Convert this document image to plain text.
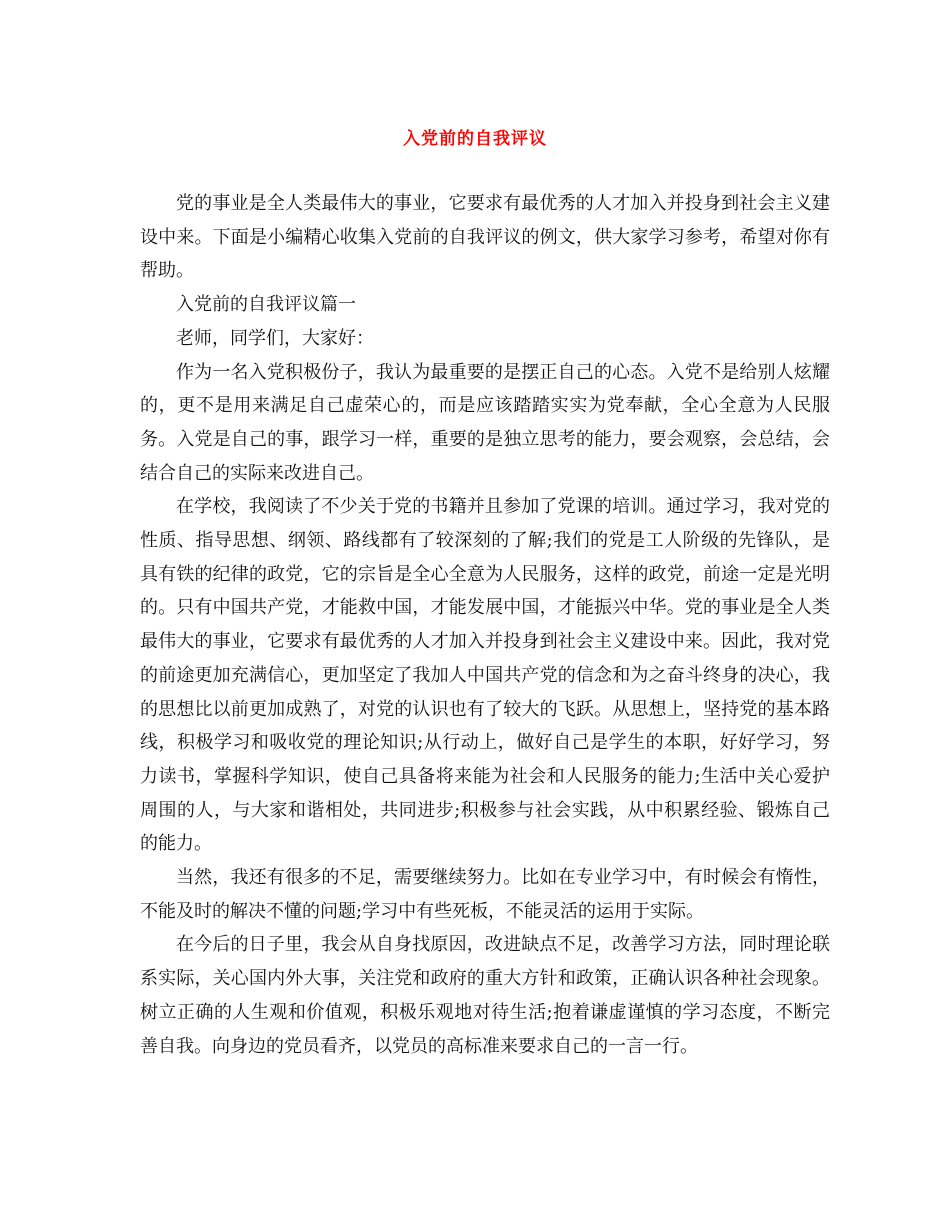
入党前的自我评议

党的事业是全人类最伟大的事业，它要求有最优秀的人才加入并投身到社会主义建设中来。下面是小编精心收集入党前的自我评议的例文，供大家学习参考，希望对你有帮助。

入党前的自我评议篇一

老师，同学们，大家好：

作为一名入党积极份子，我认为最重要的是摆正自己的心态。入党不是给别人炫耀的，更不是用来满足自己虚荣心的，而是应该踏踏实实为党奉献，全心全意为人民服务。入党是自己的事，跟学习一样，重要的是独立思考的能力，要会观察，会总结，会结合自己的实际来改进自己。

在学校，我阅读了不少关于党的书籍并且参加了党课的培训。通过学习，我对党的性质、指导思想、纲领、路线都有了较深刻的了解;我们的党是工人阶级的先锋队，是具有铁的纪律的政党，它的宗旨是全心全意为人民服务，这样的政党，前途一定是光明的。只有中国共产党，才能救中国，才能发展中国，才能振兴中华。党的事业是全人类最伟大的事业，它要求有最优秀的人才加入并投身到社会主义建设中来。因此，我对党的前途更加充满信心，更加坚定了我加人中国共产党的信念和为之奋斗终身的决心，我的思想比以前更加成熟了，对党的认识也有了较大的飞跃。从思想上，坚持党的基本路线，积极学习和吸收党的理论知识;从行动上，做好自己是学生的本职，好好学习，努力读书，掌握科学知识，使自己具备将来能为社会和人民服务的能力;生活中关心爱护周围的人，与大家和谐相处，共同进步;积极参与社会实践，从中积累经验、锻炼自己的能力。

当然，我还有很多的不足，需要继续努力。比如在专业学习中，有时候会有惰性，不能及时的解决不懂的问题;学习中有些死板，不能灵活的运用于实际。

在今后的日子里，我会从自身找原因，改进缺点不足，改善学习方法，同时理论联系实际，关心国内外大事，关注党和政府的重大方针和政策，正确认识各种社会现象。树立正确的人生观和价值观，积极乐观地对待生活;抱着谦虚谨慎的学习态度，不断完善自我。向身边的党员看齐，以党员的高标准来要求自己的一言一行。
